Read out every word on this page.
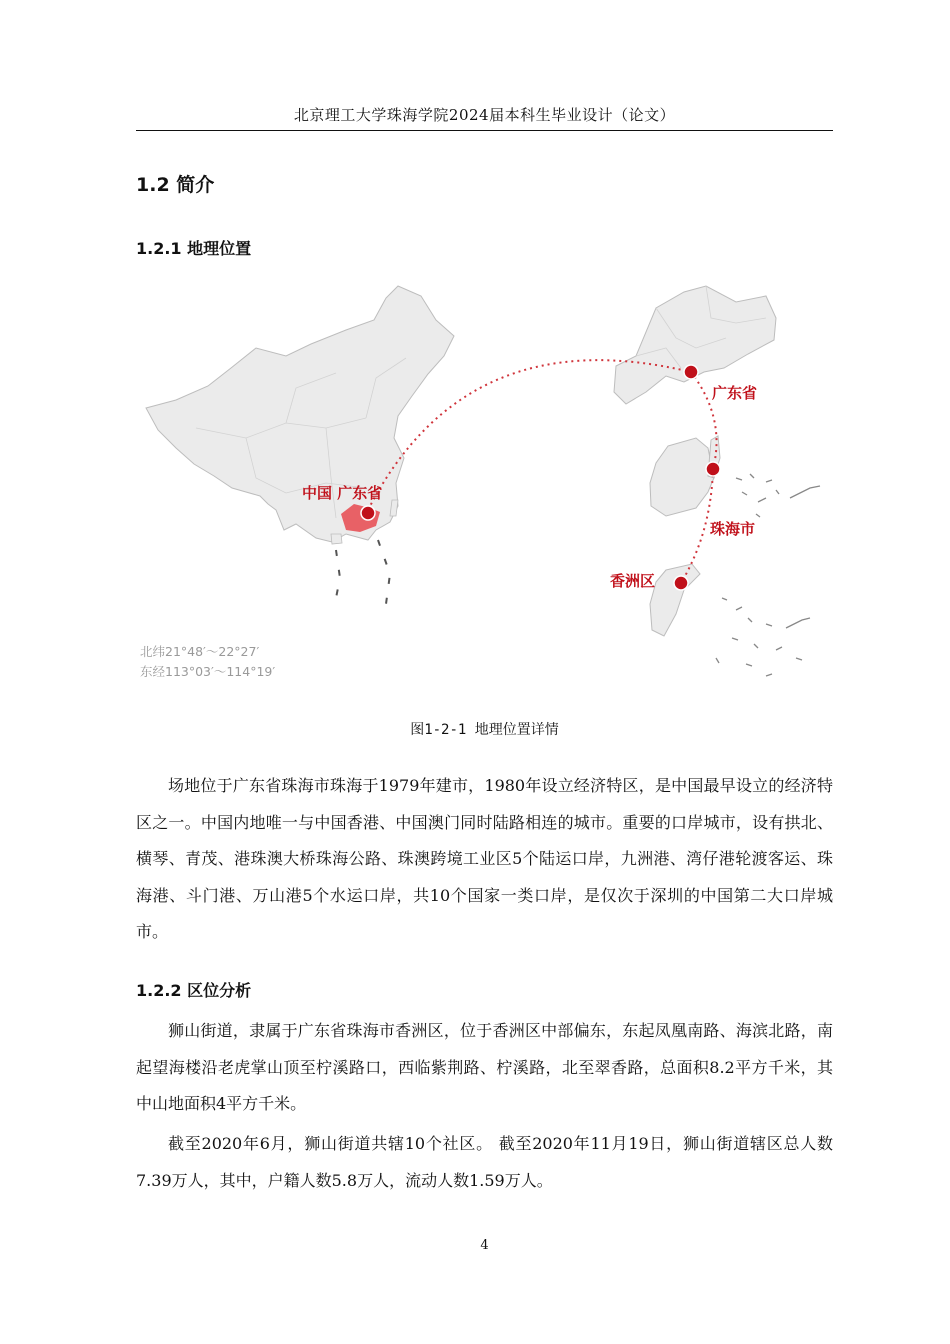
北京理工大学珠海学院2024届本科生毕业设计（论文）
1.2 简介
1.2.1 地理位置
中国 广东省
广东省
珠海市
香洲区
北纬21°48′～22°27′
东经113°03′～114°19′
图1-2-1 地理位置详情

场地位于广东省珠海市珠海于1979年建市，1980年设立经济特区，是中国最早设立的经济特区之一。中国内地唯一与中国香港、中国澳门同时陆路相连的城市。重要的口岸城市，设有拱北、横琴、青茂、港珠澳大桥珠海公路、珠澳跨境工业区5个陆运口岸，九洲港、湾仔港轮渡客运、珠海港、斗门港、万山港5个水运口岸，共10个国家一类口岸，是仅次于深圳的中国第二大口岸城市。

1.2.2 区位分析

狮山街道，隶属于广东省珠海市香洲区，位于香洲区中部偏东，东起凤凰南路、海滨北路，南起望海楼沿老虎掌山顶至柠溪路口，西临紫荆路、柠溪路，北至翠香路，总面积8.2平方千米，其中山地面积4平方千米。

截至2020年6月，狮山街道共辖10个社区。 截至2020年11月19日，狮山街道辖区总人数7.39万人，其中，户籍人数5.8万人，流动人数1.59万人。

4
